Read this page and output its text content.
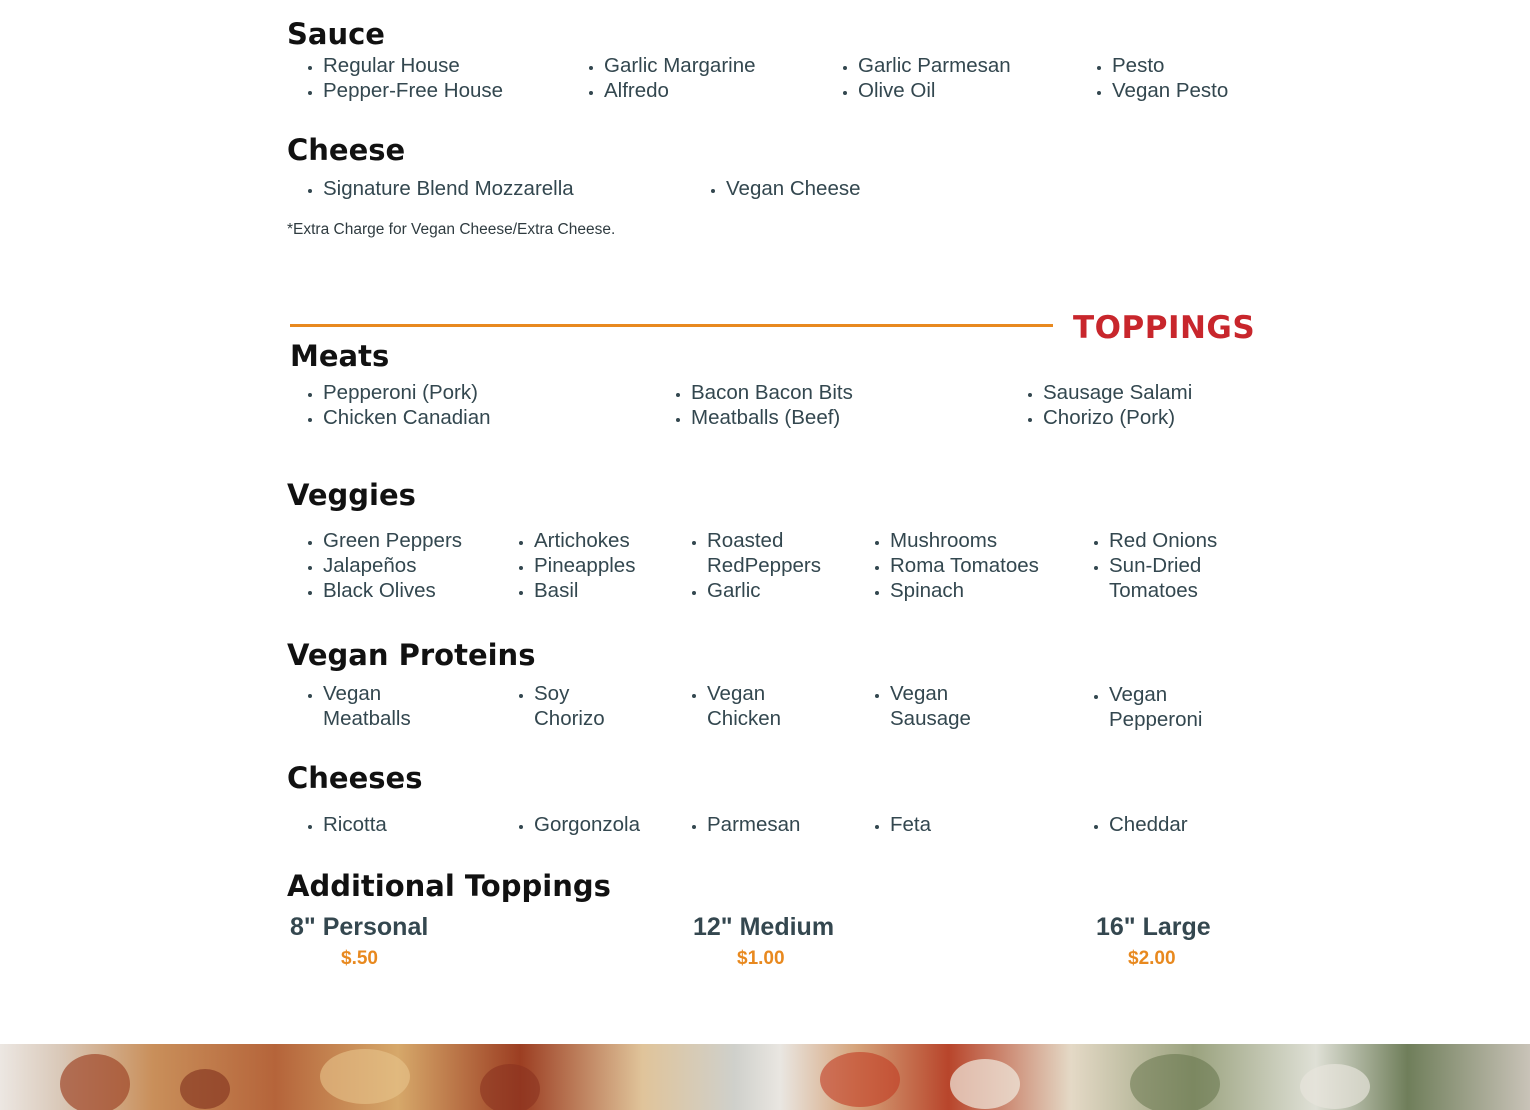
Sauce
• Regular House
• Pepper-Free House
• Garlic Margarine
• Alfredo
• Garlic Parmesan
• Olive Oil
• Pesto
• Vegan Pesto
Cheese
• Signature Blend Mozzarella	• Vegan Cheese
*Extra Charge for Vegan Cheese/Extra Cheese.
TOPPINGS
Meats
• Pepperoni (Pork)
• Chicken Canadian
• Bacon Bacon Bits
• Meatballs (Beef)
• Sausage Salami
• Chorizo (Pork)
Veggies
• Green Peppers
• Jalapeños
• Black Olives
• Artichokes
• Pineapples
• Basil
• Roasted RedPeppers
• Garlic
• Mushrooms
• Roma Tomatoes
• Spinach
• Red Onions
• Sun-Dried Tomatoes
Vegan Proteins
• Vegan Meatballs
• Soy Chorizo
• Vegan Chicken
• Vegan Sausage
• Vegan Pepperoni
Cheeses
• Ricotta	• Gorgonzola	• Parmesan	• Feta	• Cheddar
Additional Toppings
8" Personal
$.50
12" Medium
$1.00
16" Large
$2.00
